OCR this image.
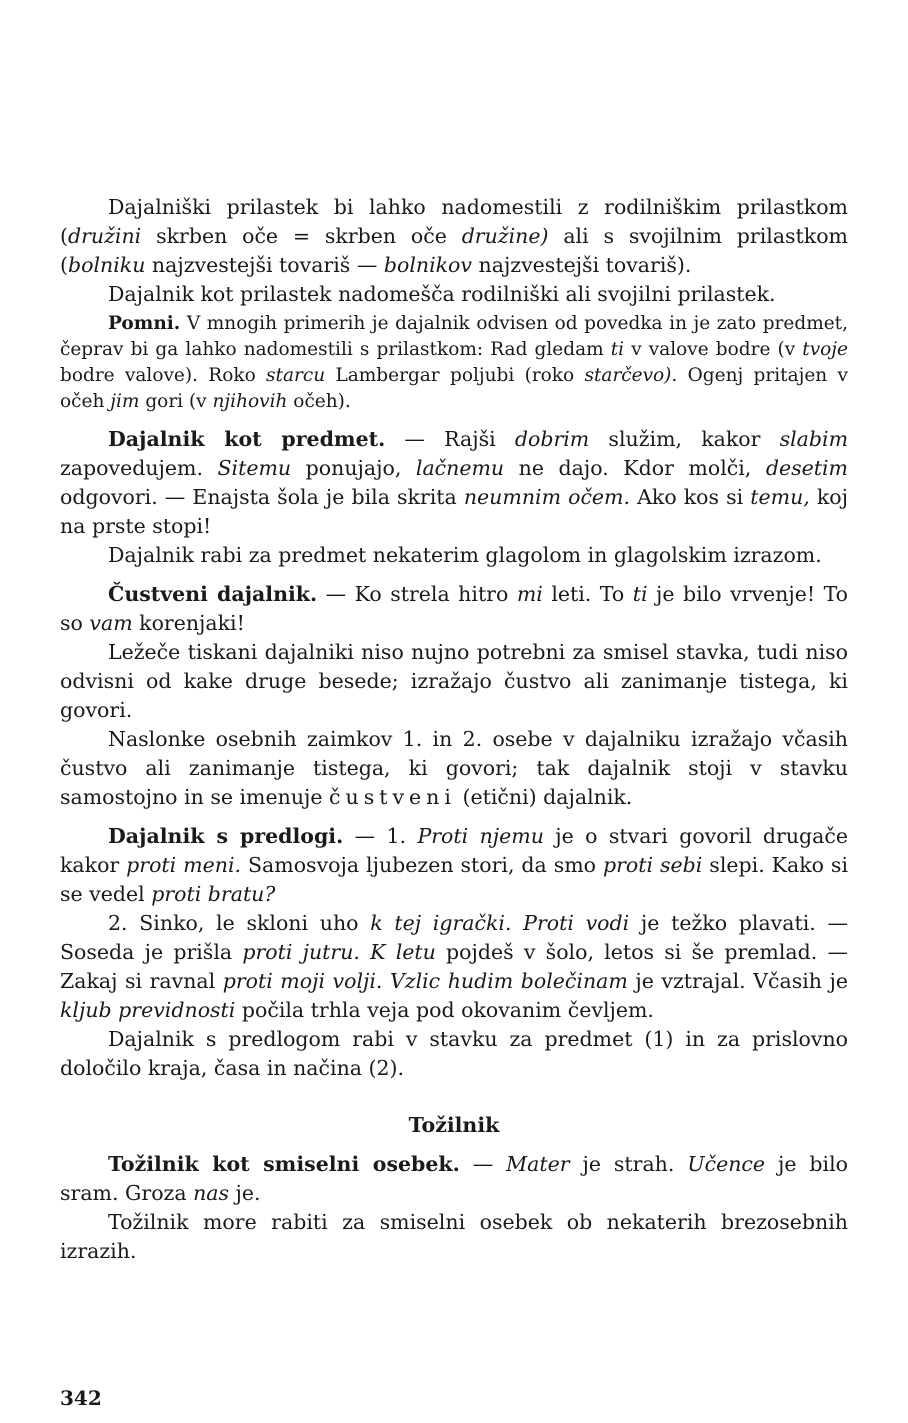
Dajalniški prilastek bi lahko nadomestili z rodilniškim prilastkom (družini skrben oče = skrben oče družine) ali s svojilnim prilastkom (bolniku najzvestejši tovariš — bolnikov najzvestejši tovariš).

Dajalnik kot prilastek nadomešča rodilniški ali svojilni prilastek.

Pomni. V mnogih primerih je dajalnik odvisen od povedka in je zato predmet, čeprav bi ga lahko nadomestili s prilastkom: Rad gledam ti v valove bodre (v tvoje bodre valove). Roko starcu Lambergar poljubi (roko starčevo). Ogenj pritajen v očeh jim gori (v njihovih očeh).

Dajalnik kot predmet. — Rajši dobrim služim, kakor slabim zapovedujem. Sitemu ponujajo, lačnemu ne dajo. Kdor molči, desetim odgovori. — Enajsta šola je bila skrita neumnim očem. Ako kos si temu, koj na prste stopi!

Dajalnik rabi za predmet nekaterim glagolom in glagolskim izrazom.

Čustveni dajalnik. — Ko strela hitro mi leti. To ti je bilo vrvenje! To so vam korenjaki!

Ležeče tiskani dajalniki niso nujno potrebni za smisel stavka, tudi niso odvisni od kake druge besede; izražajo čustvo ali zanimanje tistega, ki govori.

Naslonke osebnih zaimkov 1. in 2. osebe v dajalniku izražajo včasih čustvo ali zanimanje tistega, ki govori; tak dajalnik stoji v stavku samostojno in se imenuje čustveni (etični) dajalnik.

Dajalnik s predlogi. — 1. Proti njemu je o stvari govoril drugače kakor proti meni. Samosvoja ljubezen stori, da smo proti sebi slepi. Kako si se vedel proti bratu?

2. Sinko, le skloni uho k tej igrački. Proti vodi je težko plavati. — Soseda je prišla proti jutru. K letu pojdeš v šolo, letos si še premlad. — Zakaj si ravnal proti moji volji. Vzlic hudim bolečinam je vztrajal. Včasih je kljub previdnosti počila trhla veja pod okovanim čevljem.

Dajalnik s predlogom rabi v stavku za predmet (1) in za prislovno določilo kraja, časa in načina (2).

Tožilnik

Tožilnik kot smiselni osebek. — Mater je strah. Učence je bilo sram. Groza nas je.

Tožilnik more rabiti za smiselni osebek ob nekaterih brezosebnih izrazih.

342
